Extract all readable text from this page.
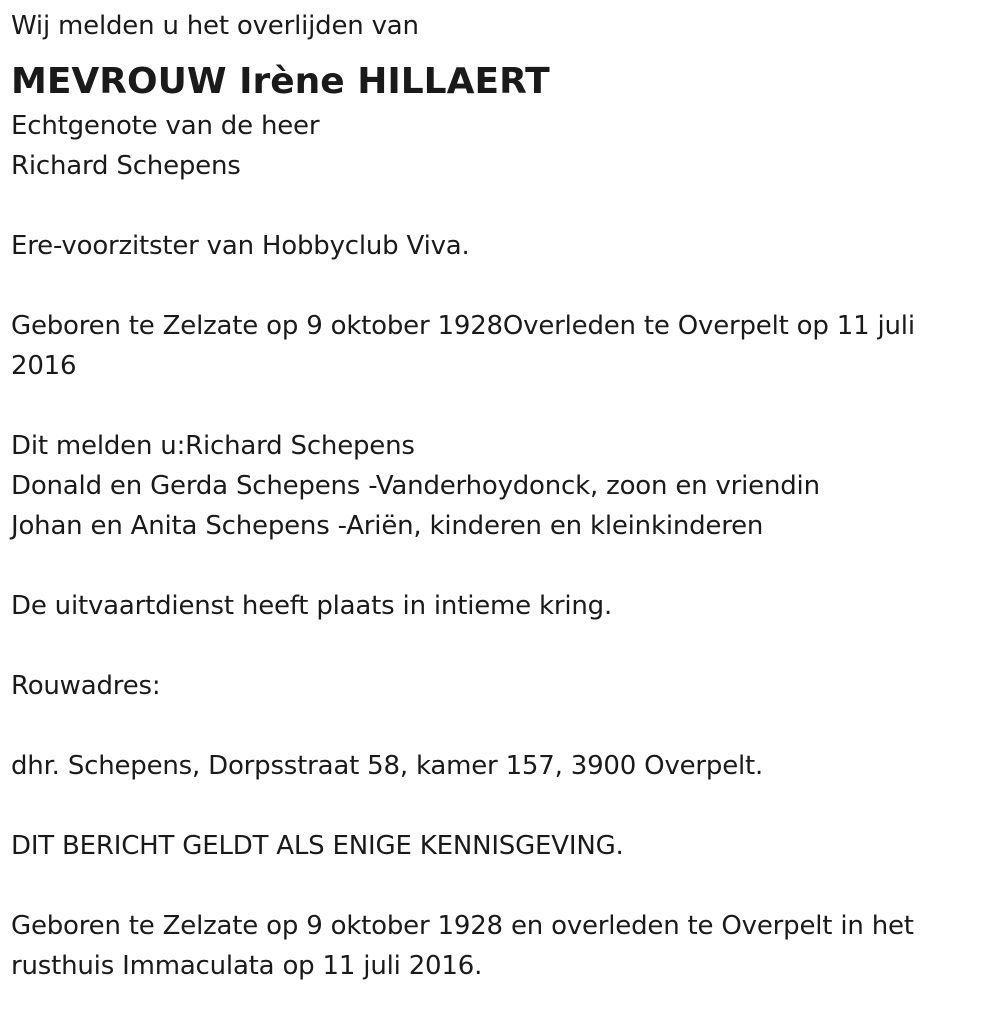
Wij melden u het overlijden van
MEVROUW Irène HILLAERT
Echtgenote van de heer
Richard Schepens
Ere-voorzitster van Hobbyclub Viva.
Geboren te Zelzate op 9 oktober 1928Overleden te Overpelt op 11 juli 2016
Dit melden u:Richard Schepens
Donald en Gerda Schepens -Vanderhoydonck, zoon en vriendin
Johan en Anita Schepens -Ariën, kinderen en kleinkinderen
De uitvaartdienst heeft plaats in intieme kring.
Rouwadres:
dhr. Schepens, Dorpsstraat 58, kamer 157, 3900 Overpelt.
DIT BERICHT GELDT ALS ENIGE KENNISGEVING.
Geboren te Zelzate op 9 oktober 1928 en overleden te Overpelt in het rusthuis Immaculata op 11 juli 2016.
